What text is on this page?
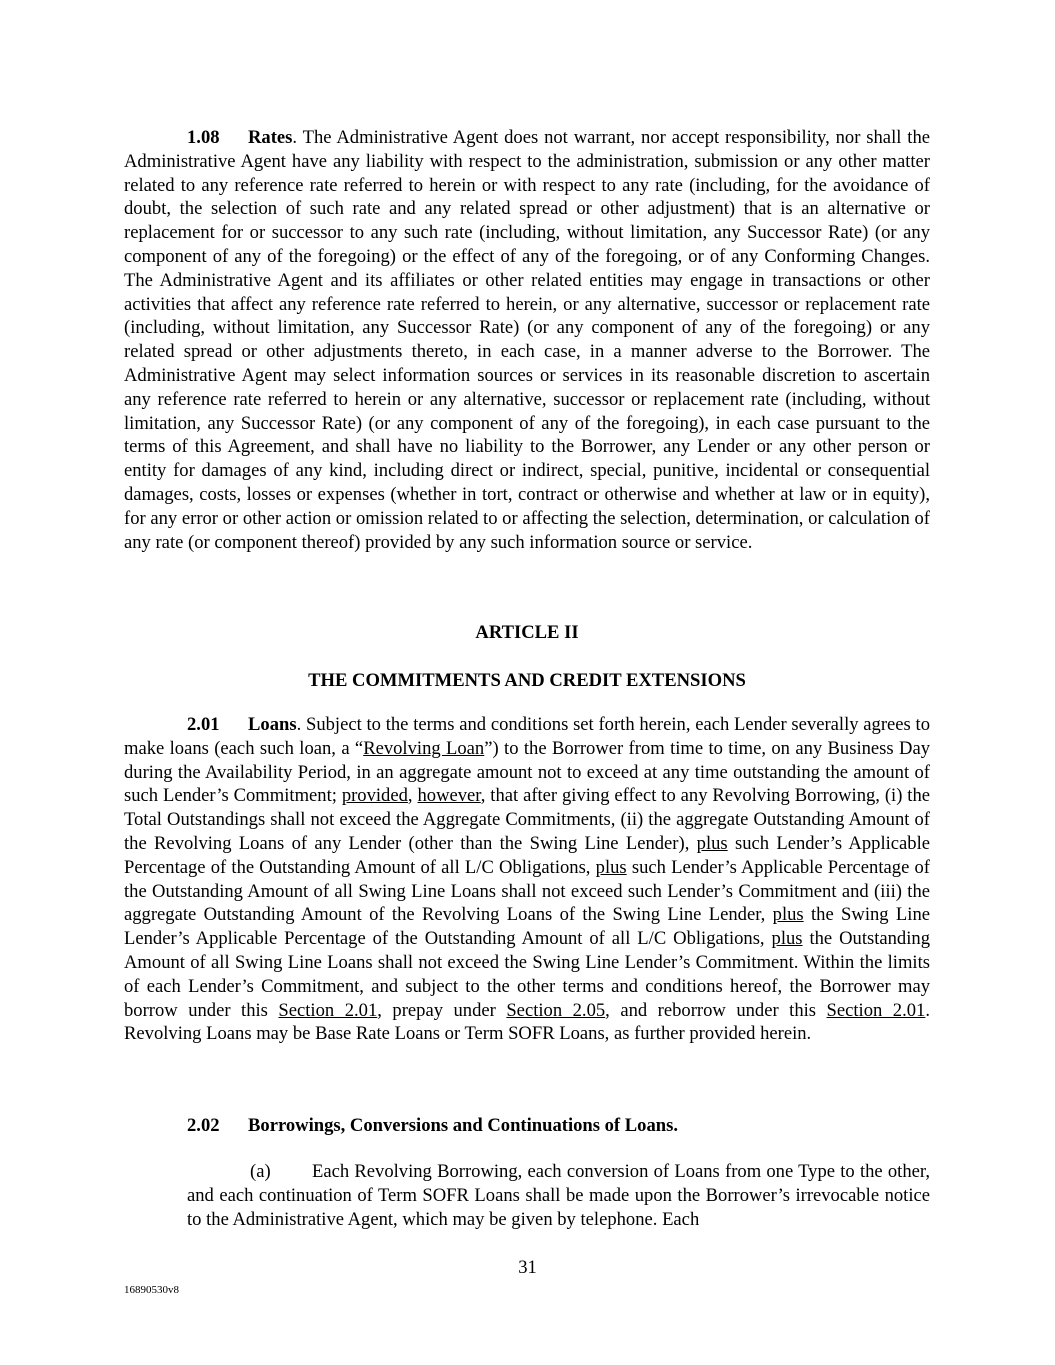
1.08 Rates. The Administrative Agent does not warrant, nor accept responsibility, nor shall the Administrative Agent have any liability with respect to the administration, submission or any other matter related to any reference rate referred to herein or with respect to any rate (including, for the avoidance of doubt, the selection of such rate and any related spread or other adjustment) that is an alternative or replacement for or successor to any such rate (including, without limitation, any Successor Rate) (or any component of any of the foregoing) or the effect of any of the foregoing, or of any Conforming Changes. The Administrative Agent and its affiliates or other related entities may engage in transactions or other activities that affect any reference rate referred to herein, or any alternative, successor or replacement rate (including, without limitation, any Successor Rate) (or any component of any of the foregoing) or any related spread or other adjustments thereto, in each case, in a manner adverse to the Borrower. The Administrative Agent may select information sources or services in its reasonable discretion to ascertain any reference rate referred to herein or any alternative, successor or replacement rate (including, without limitation, any Successor Rate) (or any component of any of the foregoing), in each case pursuant to the terms of this Agreement, and shall have no liability to the Borrower, any Lender or any other person or entity for damages of any kind, including direct or indirect, special, punitive, incidental or consequential damages, costs, losses or expenses (whether in tort, contract or otherwise and whether at law or in equity), for any error or other action or omission related to or affecting the selection, determination, or calculation of any rate (or component thereof) provided by any such information source or service.
ARTICLE II
THE COMMITMENTS AND CREDIT EXTENSIONS
2.01 Loans. Subject to the terms and conditions set forth herein, each Lender severally agrees to make loans (each such loan, a “Revolving Loan”) to the Borrower from time to time, on any Business Day during the Availability Period, in an aggregate amount not to exceed at any time outstanding the amount of such Lender’s Commitment; provided, however, that after giving effect to any Revolving Borrowing, (i) the Total Outstandings shall not exceed the Aggregate Commitments, (ii) the aggregate Outstanding Amount of the Revolving Loans of any Lender (other than the Swing Line Lender), plus such Lender’s Applicable Percentage of the Outstanding Amount of all L/C Obligations, plus such Lender’s Applicable Percentage of the Outstanding Amount of all Swing Line Loans shall not exceed such Lender’s Commitment and (iii) the aggregate Outstanding Amount of the Revolving Loans of the Swing Line Lender, plus the Swing Line Lender’s Applicable Percentage of the Outstanding Amount of all L/C Obligations, plus the Outstanding Amount of all Swing Line Loans shall not exceed the Swing Line Lender’s Commitment. Within the limits of each Lender’s Commitment, and subject to the other terms and conditions hereof, the Borrower may borrow under this Section 2.01, prepay under Section 2.05, and reborrow under this Section 2.01. Revolving Loans may be Base Rate Loans or Term SOFR Loans, as further provided herein.
2.02 Borrowings, Conversions and Continuations of Loans.
(a) Each Revolving Borrowing, each conversion of Loans from one Type to the other, and each continuation of Term SOFR Loans shall be made upon the Borrower’s irrevocable notice to the Administrative Agent, which may be given by telephone. Each
31
16890530v8
